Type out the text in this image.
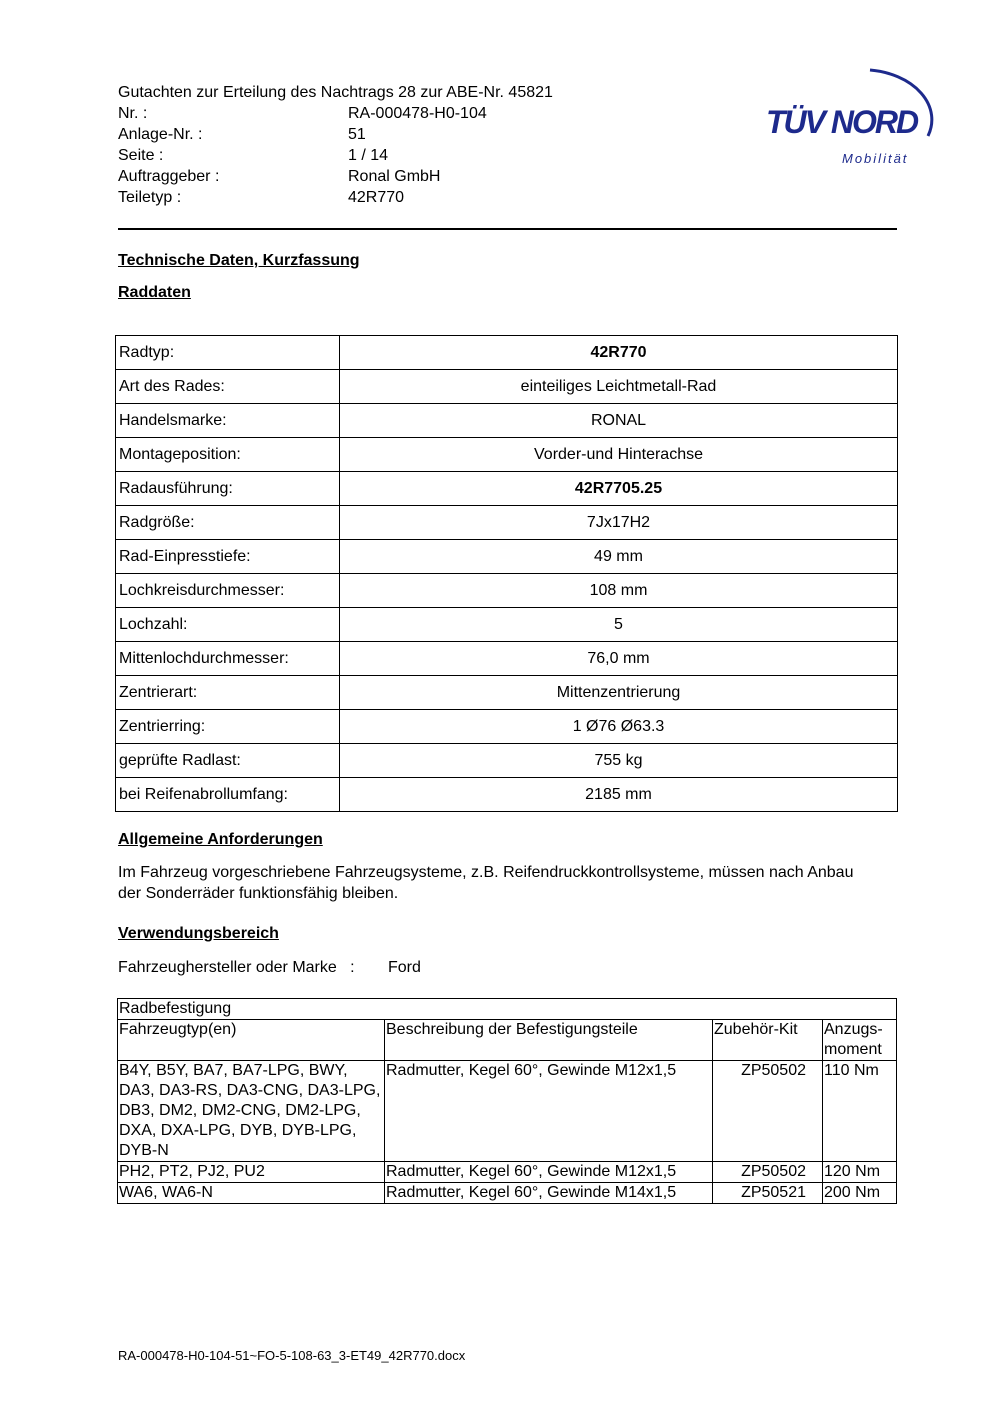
Gutachten zur Erteilung des Nachtrags 28 zur ABE-Nr. 45821
Nr. :	RA-000478-H0-104
Anlage-Nr. :	51
Seite :	1 / 14
Auftraggeber :	Ronal GmbH
Teiletyp :	42R770
TÜV NORD
Mobilität
Technische Daten, Kurzfassung
Raddaten
Radtyp:	42R770
Art des Rades:	einteiliges Leichtmetall-Rad
Handelsmarke:	RONAL
Montageposition:	Vorder-und Hinterachse
Radausführung:	42R7705.25
Radgröße:	7Jx17H2
Rad-Einpresstiefe:	49 mm
Lochkreisdurchmesser:	108 mm
Lochzahl:	5
Mittenlochdurchmesser:	76,0 mm
Zentrierart:	Mittenzentrierung
Zentrierring:	1 Ø76 Ø63.3
geprüfte Radlast:	755 kg
bei Reifenabrollumfang:	2185 mm
Allgemeine Anforderungen
Im Fahrzeug vorgeschriebene Fahrzeugsysteme, z.B. Reifendruckkontrollsysteme, müssen nach Anbau der Sonderräder funktionsfähig bleiben.
Verwendungsbereich
Fahrzeughersteller oder Marke : Ford
Radbefestigung			
Fahrzeugtyp(en)	Beschreibung der Befestigungsteile	Zubehör-Kit	Anzugs-moment
B4Y, B5Y, BA7, BA7-LPG, BWY, DA3, DA3-RS, DA3-CNG, DA3-LPG, DB3, DM2, DM2-CNG, DM2-LPG, DXA, DXA-LPG, DYB, DYB-LPG, DYB-N	Radmutter, Kegel 60°, Gewinde M12x1,5	ZP50502	110 Nm
PH2, PT2, PJ2, PU2	Radmutter, Kegel 60°, Gewinde M12x1,5	ZP50502	120 Nm
WA6, WA6-N	Radmutter, Kegel 60°, Gewinde M14x1,5	ZP50521	200 Nm
RA-000478-H0-104-51~FO-5-108-63_3-ET49_42R770.docx
